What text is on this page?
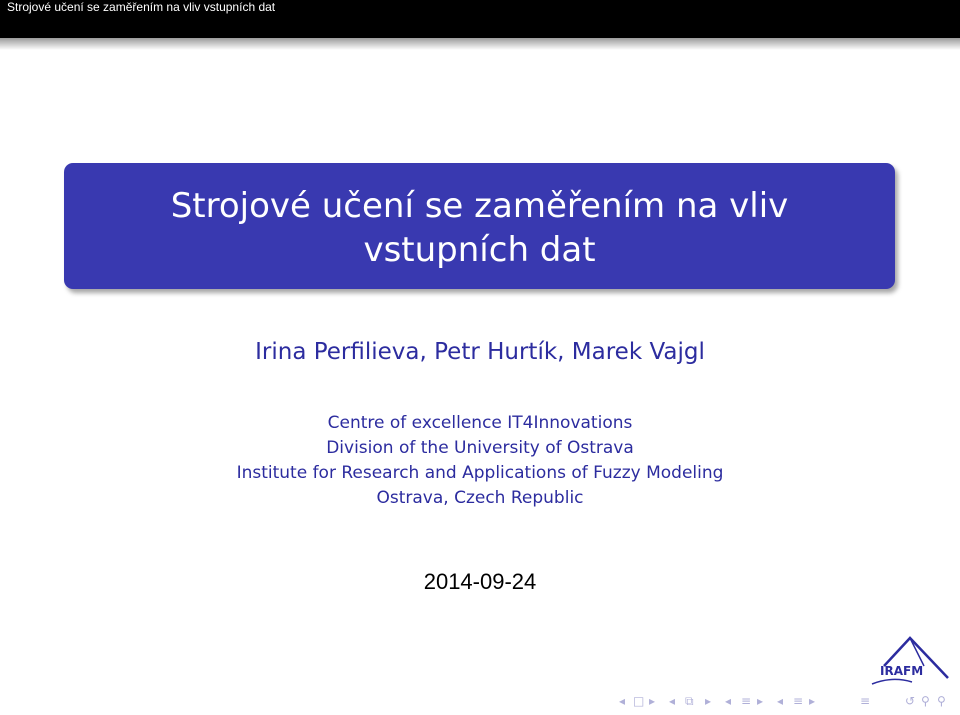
Strojové učení se zaměřením na vliv vstupních dat
Strojové učení se zaměřením na vliv
vstupních dat
Irina Perfilieva, Petr Hurtík, Marek Vajgl
Centre of excellence IT4Innovations
Division of the University of Ostrava
Institute for Research and Applications of Fuzzy Modeling
Ostrava, Czech Republic
2014-09-24
IRAFM
◂ □ ▸ ◂ ⧉ ▸ ◂ ≡ ▸ ◂ ≡ ▸	≡	↺ ⚲ ⚲
